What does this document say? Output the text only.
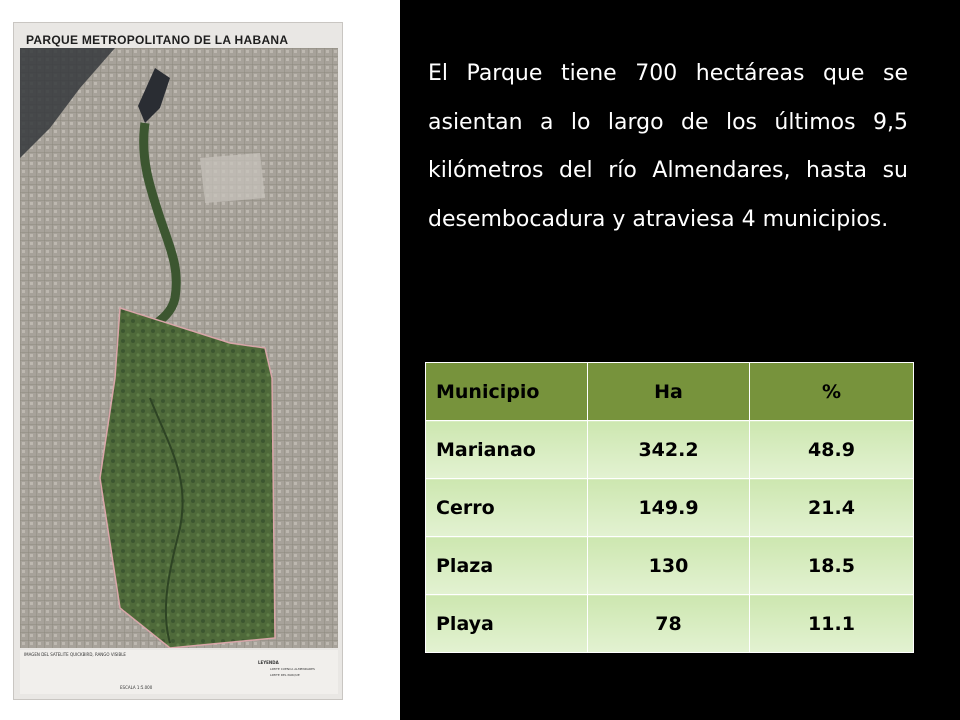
PARQUE METROPOLITANO DE LA HABANA
IMAGEN DEL SATELITE QUICKBIRD, RANGO VISIBLE
LEYENDA
LIMITE CUENCA ALMENDARES
LIMITE DEL PARQUE
ESCALA 1:5.000
El Parque tiene 700 hectáreas que se asientan a lo largo de los últimos 9,5 kilómetros del río Almendares, hasta su desembocadura y atraviesa 4 municipios.
Municipio	Ha	%
Marianao	342.2	48.9
Cerro	149.9	21.4
Plaza	130	18.5
Playa	78	11.1
